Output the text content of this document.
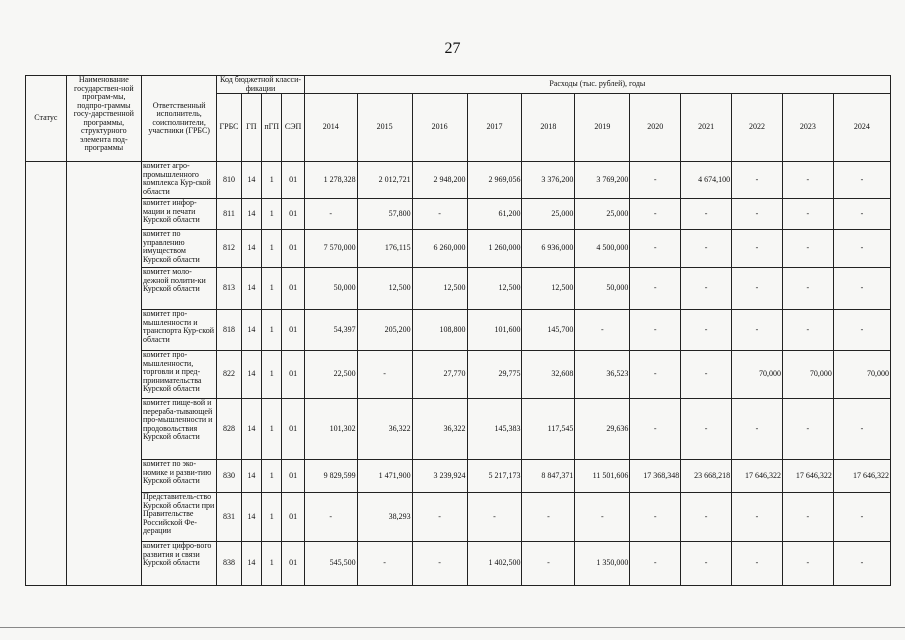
27
Статус	Наименование государствен-ной програм-мы, подпро-граммы госу-дарственной программы, структурного элемента под-программы	Ответственный исполнитель, соисполнители, участники (ГРБС)	Код бюджетной класси-фикации				Расходы (тыс. рублей), годы										
			ГРБС	ГП	пГП	СЭП	2014	2015	2016	2017	2018	2019	2020	2021	2022	2023	2024
		комитет агро-промышленного комплекса Кур-ской области	810	14	1	01	1 278,328	2 012,721	2 948,200	2 969,056	3 376,200	3 769,200	-	4 674,100	-	-	-
		комитет инфор-мации и печати Курской области	811	14	1	01	-	57,800	-	61,200	25,000	25,000	-	-	-	-	-
		комитет по управлению имуществом Курской области	812	14	1	01	7 570,000	176,115	6 260,000	1 260,000	6 936,000	4 500,000	-	-	-	-	-
		комитет моло-дежной полити-ки Курской области	813	14	1	01	50,000	12,500	12,500	12,500	12,500	50,000	-	-	-	-	-
		комитет про-мышленности и транспорта Кур-ской области	818	14	1	01	54,397	205,200	108,800	101,600	145,700	-	-	-	-	-	-
		комитет про-мышленности, торговли и пред-принимательства Курской области	822	14	1	01	22,500	-	27,770	29,775	32,608	36,523	-	-	70,000	70,000	70,000
		комитет пище-вой и перераба-тывающей про-мышленности и продовольствия Курской области	828	14	1	01	101,302	36,322	36,322	145,383	117,545	29,636	-	-	-	-	-
		комитет по эко-номике и разви-тию Курской области	830	14	1	01	9 829,599	1 471,900	3 239,924	5 217,173	8 847,371	11 501,606	17 368,348	23 668,218	17 646,322	17 646,322	17 646,322
		Представитель-ство Курской области при Правительстве Российской Фе-дерации	831	14	1	01	-	38,293	-	-	-	-	-	-	-	-	-
		комитет цифро-вого развития и связи Курской области	838	14	1	01	545,500	-	-	1 402,500	-	1 350,000	-	-	-	-	-
